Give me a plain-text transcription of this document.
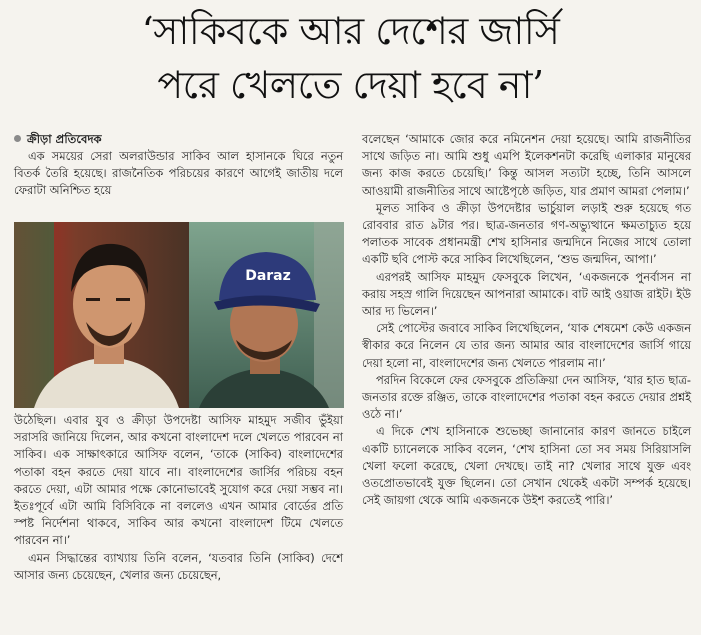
‘সাকিবকে আর দেশের জার্সি
পরে খেলতে দেয়া হবে না’

ক্রীড়া প্রতিবেদক

এক সময়ের সেরা অলরাউন্ডার সাকিব আল হাসানকে ঘিরে নতুন বিতর্ক তৈরি হয়েছে। রাজনৈতিক পরিচয়ের কারণে আগেই জাতীয় দলে ফেরাটা অনিশ্চিত হয়ে

Daraz

উঠেছিল। এবার যুব ও ক্রীড়া উপদেষ্টা আসিফ মাহমুদ সজীব ভুঁইয়া সরাসরি জানিয়ে দিলেন, আর কখনো বাংলাদেশ দলে খেলতে পারবেন না সাকিব। এক সাক্ষাৎকারে আসিফ বলেন, ‘তাকে (সাকিব) বাংলাদেশের পতাকা বহন করতে দেয়া যাবে না। বাংলাদেশের জার্সির পরিচয় বহন করতে দেয়া, এটা আমার পক্ষে কোনোভাবেই সুযোগ করে দেয়া সম্ভব না। ইতঃপূর্বে এটা আমি বিসিবিকে না বললেও এখন আমার বোর্ডের প্রতি স্পষ্ট নির্দেশনা থাকবে, সাকিব আর কখনো বাংলাদেশ টিমে খেলতে পারবেন না।’

এমন সিদ্ধান্তের ব্যাখ্যায় তিনি বলেন, ‘যতবার তিনি (সাকিব) দেশে আসার জন্য চেয়েছেন, খেলার জন্য চেয়েছেন,

বলেছেন ‘আমাকে জোর করে নমিনেশন দেয়া হয়েছে। আমি রাজনীতির সাথে জড়িত না। আমি শুধু এমপি ইলেকশনটা করেছি এলাকার মানুষের জন্য কাজ করতে চেয়েছি।’ কিন্তু আসল সত্যটা হচ্ছে, তিনি আসলে আওয়ামী রাজনীতির সাথে আষ্টেপৃষ্ঠে জড়িত, যার প্রমাণ আমরা পেলাম।’

মূলত সাকিব ও ক্রীড়া উপদেষ্টার ভার্চুয়াল লড়াই শুরু হয়েছে গত রোববার রাত ৯টার পর। ছাত্র-জনতার গণ-অভ্যুত্থানে ক্ষমতাচ্যুত হয়ে পলাতক সাবেক প্রধানমন্ত্রী শেখ হাসিনার জন্মদিনে নিজের সাথে তোলা একটি ছবি পোস্ট করে সাকিব লিখেছিলেন, ‘শুভ জন্মদিন, আপা।’

এরপরই আসিফ মাহমুদ ফেসবুকে লিখেন, ‘একজনকে পুনর্বাসন না করায় সহস্র গালি দিয়েছেন আপনারা আমাকে। বাট আই ওয়াজ রাইট। ইউ আর দ্য ভিলেন।’

সেই পোস্টের জবাবে সাকিব লিখেছিলেন, ‘যাক শেষমেশ কেউ একজন স্বীকার করে নিলেন যে তার জন্য আমার আর বাংলাদেশের জার্সি গায়ে দেয়া হলো না, বাংলাদেশের জন্য খেলতে পারলাম না।’

পরদিন বিকেলে ফের ফেসবুকে প্রতিক্রিয়া দেন আসিফ, ‘যার হাত ছাত্র-জনতার রক্তে রঞ্জিত, তাকে বাংলাদেশের পতাকা বহন করতে দেয়ার প্রশ্নই ওঠে না।’

এ দিকে শেখ হাসিনাকে শুভেচ্ছা জানানোর কারণ জানতে চাইলে একটি চ্যানেলকে সাকিব বলেন, ‘শেখ হাসিনা তো সব সময় সিরিয়াসলি খেলা ফলো করেছে, খেলা দেখছে। তাই না? খেলার সাথে যুক্ত এবং ওতপ্রোতভাবেই যুক্ত ছিলেন। তো সেখান থেকেই একটা সম্পর্ক হয়েছে। সেই জায়গা থেকে আমি একজনকে উইশ করতেই পারি।’
